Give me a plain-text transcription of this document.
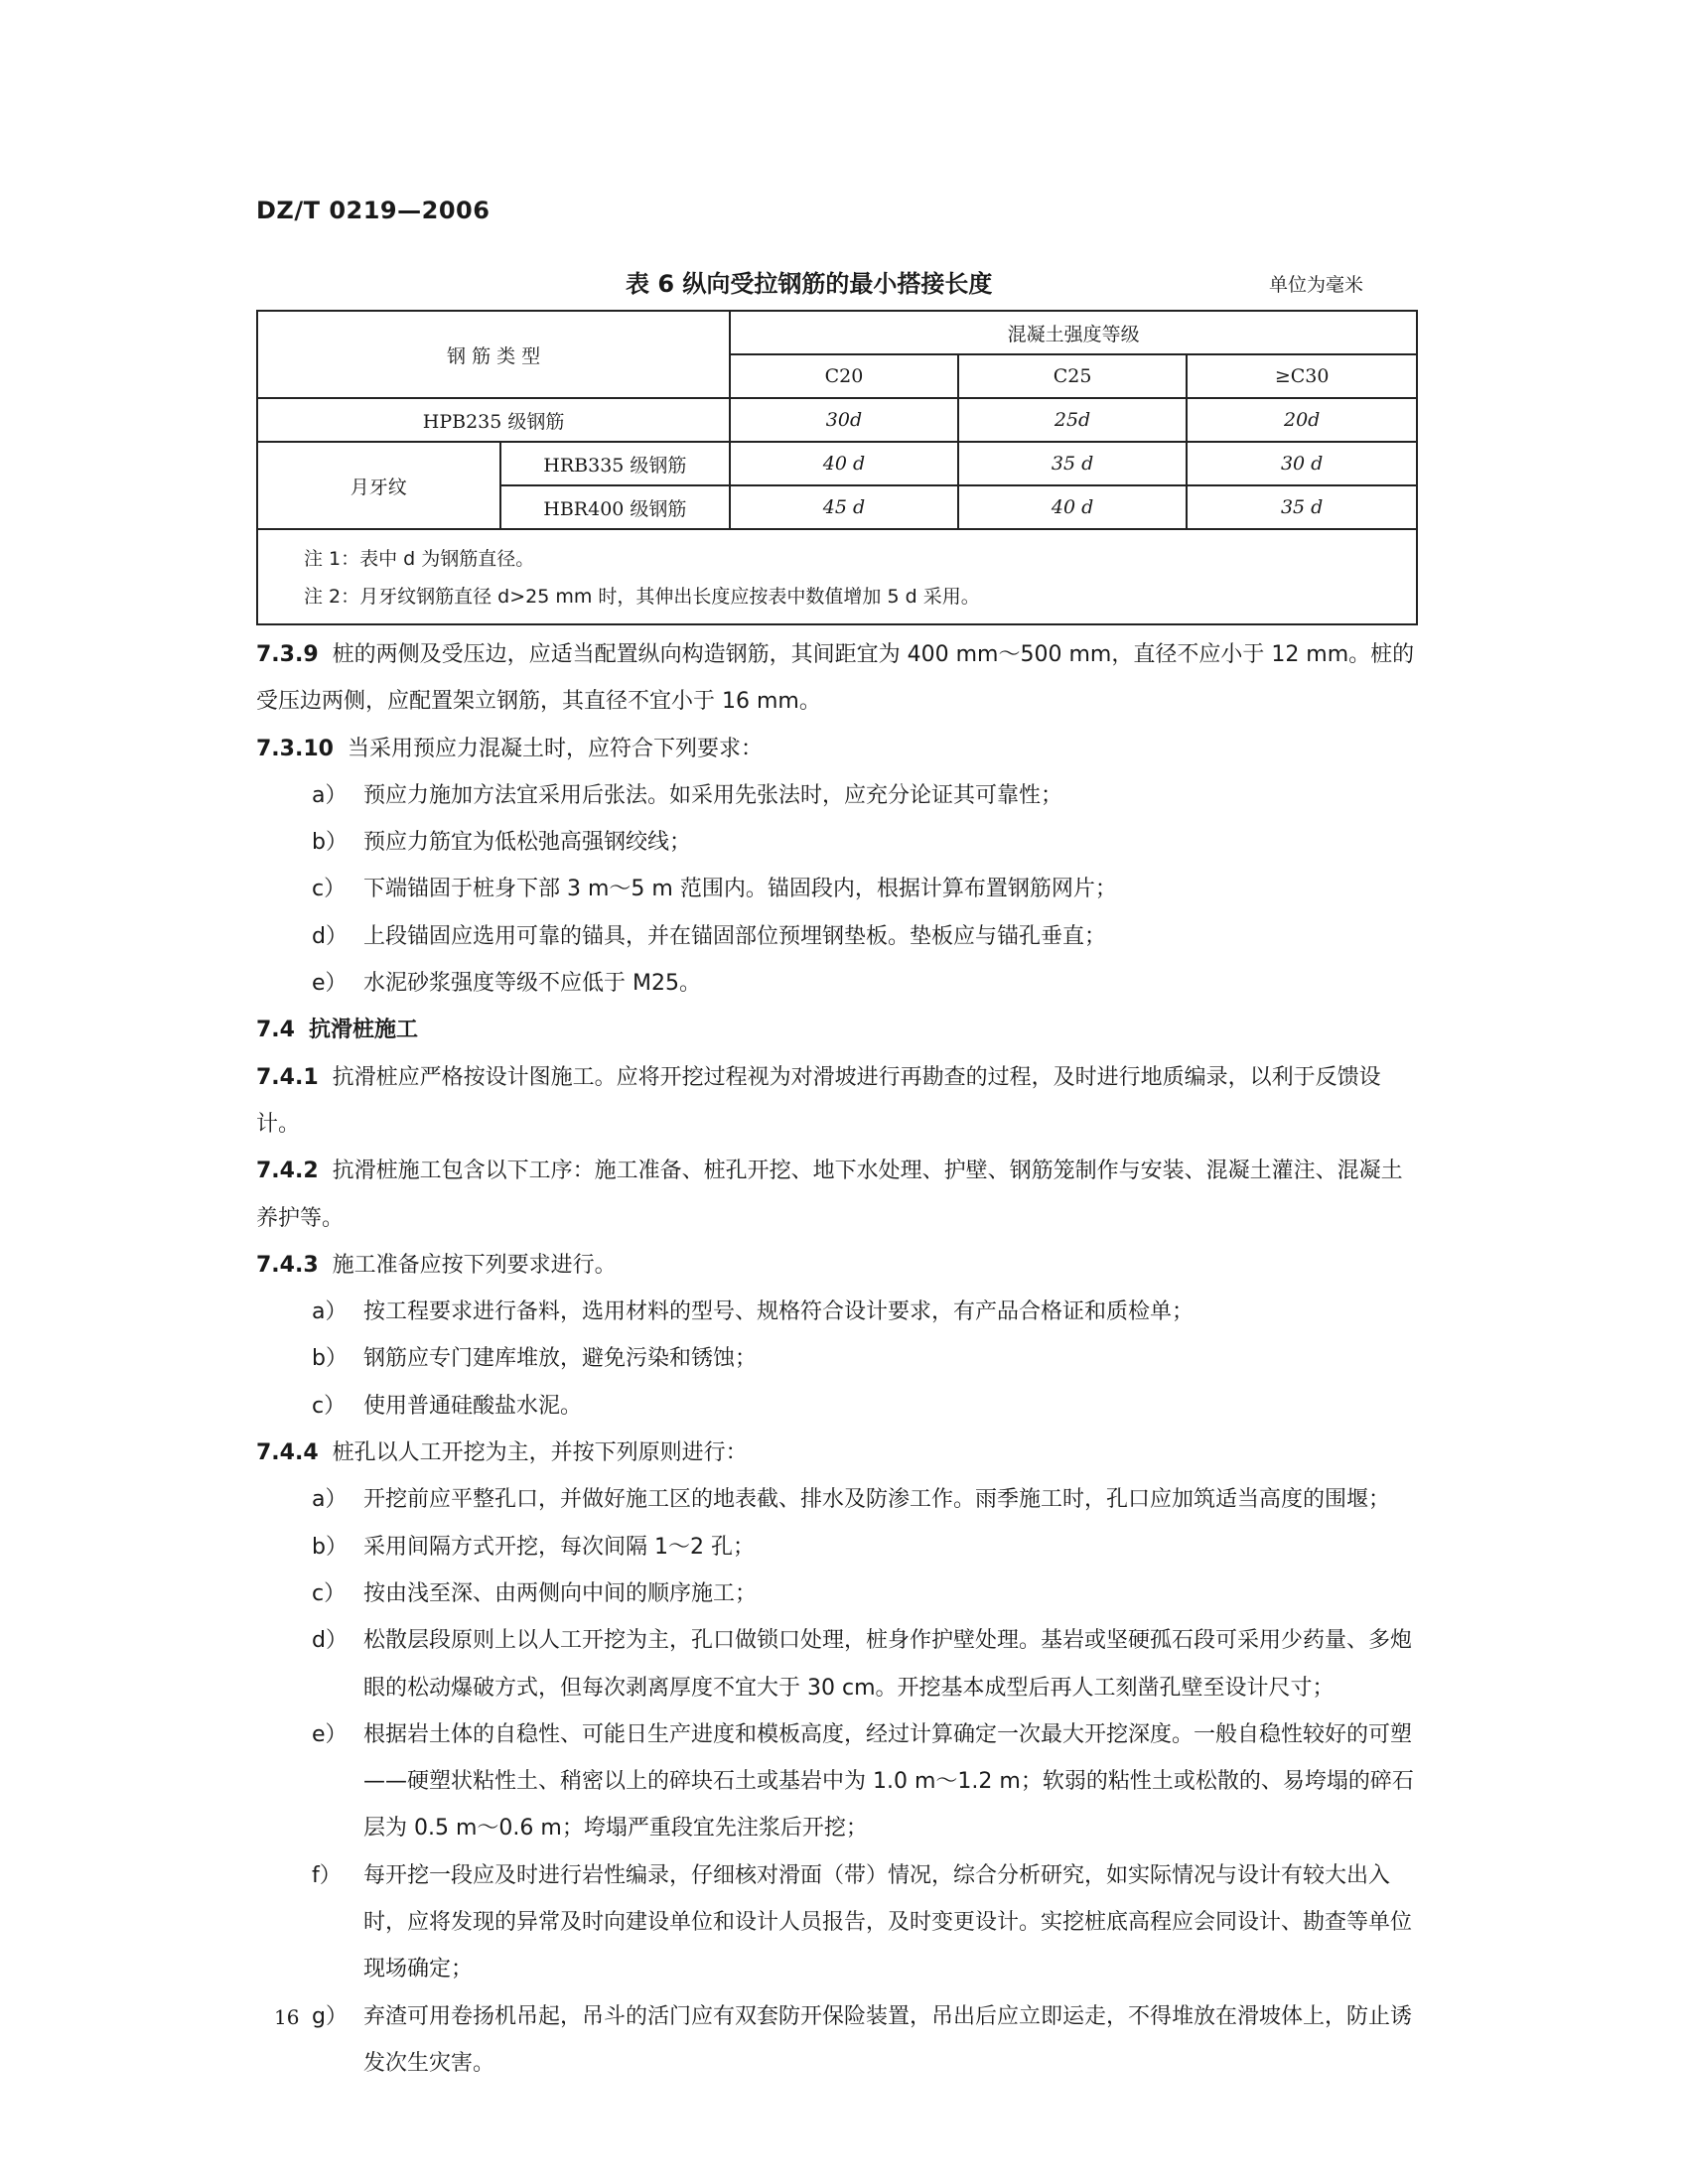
DZ/T 0219—2006
表 6 纵向受拉钢筋的最小搭接长度	单位为毫米
钢 筋 类 型		混凝土强度等级		
		C20	C25	≥C30
HPB235 级钢筋		30d	25d	20d
月牙纹	HRB335 级钢筋	40 d	35 d	30 d
	HBR400 级钢筋	45 d	40 d	35 d

注 1：表中 d 为钢筋直径。
注 2：月牙纹钢筋直径 d>25 mm 时，其伸出长度应按表中数值增加 5 d 采用。				

7.3.9 桩的两侧及受压边，应适当配置纵向构造钢筋，其间距宜为 400 mm～500 mm，直径不应小于 12 mm。桩的受压边两侧，应配置架立钢筋，其直径不宜小于 16 mm。

7.3.10 当采用预应力混凝土时，应符合下列要求：

a） 预应力施加方法宜采用后张法。如采用先张法时，应充分论证其可靠性；
b） 预应力筋宜为低松弛高强钢绞线；
c） 下端锚固于桩身下部 3 m～5 m 范围内。锚固段内，根据计算布置钢筋网片；
d） 上段锚固应选用可靠的锚具，并在锚固部位预埋钢垫板。垫板应与锚孔垂直；
e） 水泥砂浆强度等级不应低于 M25。

7.4 抗滑桩施工

7.4.1 抗滑桩应严格按设计图施工。应将开挖过程视为对滑坡进行再勘查的过程，及时进行地质编录，以利于反馈设计。

7.4.2 抗滑桩施工包含以下工序：施工准备、桩孔开挖、地下水处理、护壁、钢筋笼制作与安装、混凝土灌注、混凝土养护等。

7.4.3 施工准备应按下列要求进行。

a） 按工程要求进行备料，选用材料的型号、规格符合设计要求，有产品合格证和质检单；
b） 钢筋应专门建库堆放，避免污染和锈蚀；
c） 使用普通硅酸盐水泥。

7.4.4 桩孔以人工开挖为主，并按下列原则进行：

a） 开挖前应平整孔口，并做好施工区的地表截、排水及防渗工作。雨季施工时，孔口应加筑适当高度的围堰；
b） 采用间隔方式开挖，每次间隔 1～2 孔；
c） 按由浅至深、由两侧向中间的顺序施工；
d） 松散层段原则上以人工开挖为主，孔口做锁口处理，桩身作护壁处理。基岩或坚硬孤石段可采用少药量、多炮眼的松动爆破方式，但每次剥离厚度不宜大于 30 cm。开挖基本成型后再人工刻凿孔壁至设计尺寸；
e） 根据岩土体的自稳性、可能日生产进度和模板高度，经过计算确定一次最大开挖深度。一般自稳性较好的可塑——硬塑状粘性土、稍密以上的碎块石土或基岩中为 1.0 m～1.2 m；软弱的粘性土或松散的、易垮塌的碎石层为 0.5 m～0.6 m；垮塌严重段宜先注浆后开挖；
f）	每开挖一段应及时进行岩性编录，仔细核对滑面（带）情况，综合分析研究，如实际情况与设计有较大出入时，应将发现的异常及时向建设单位和设计人员报告，及时变更设计。实挖桩底高程应会同设计、勘查等单位现场确定；
g） 弃渣可用卷扬机吊起，吊斗的活门应有双套防开保险装置，吊出后应立即运走，不得堆放在滑坡体上，防止诱发次生灾害。
16
